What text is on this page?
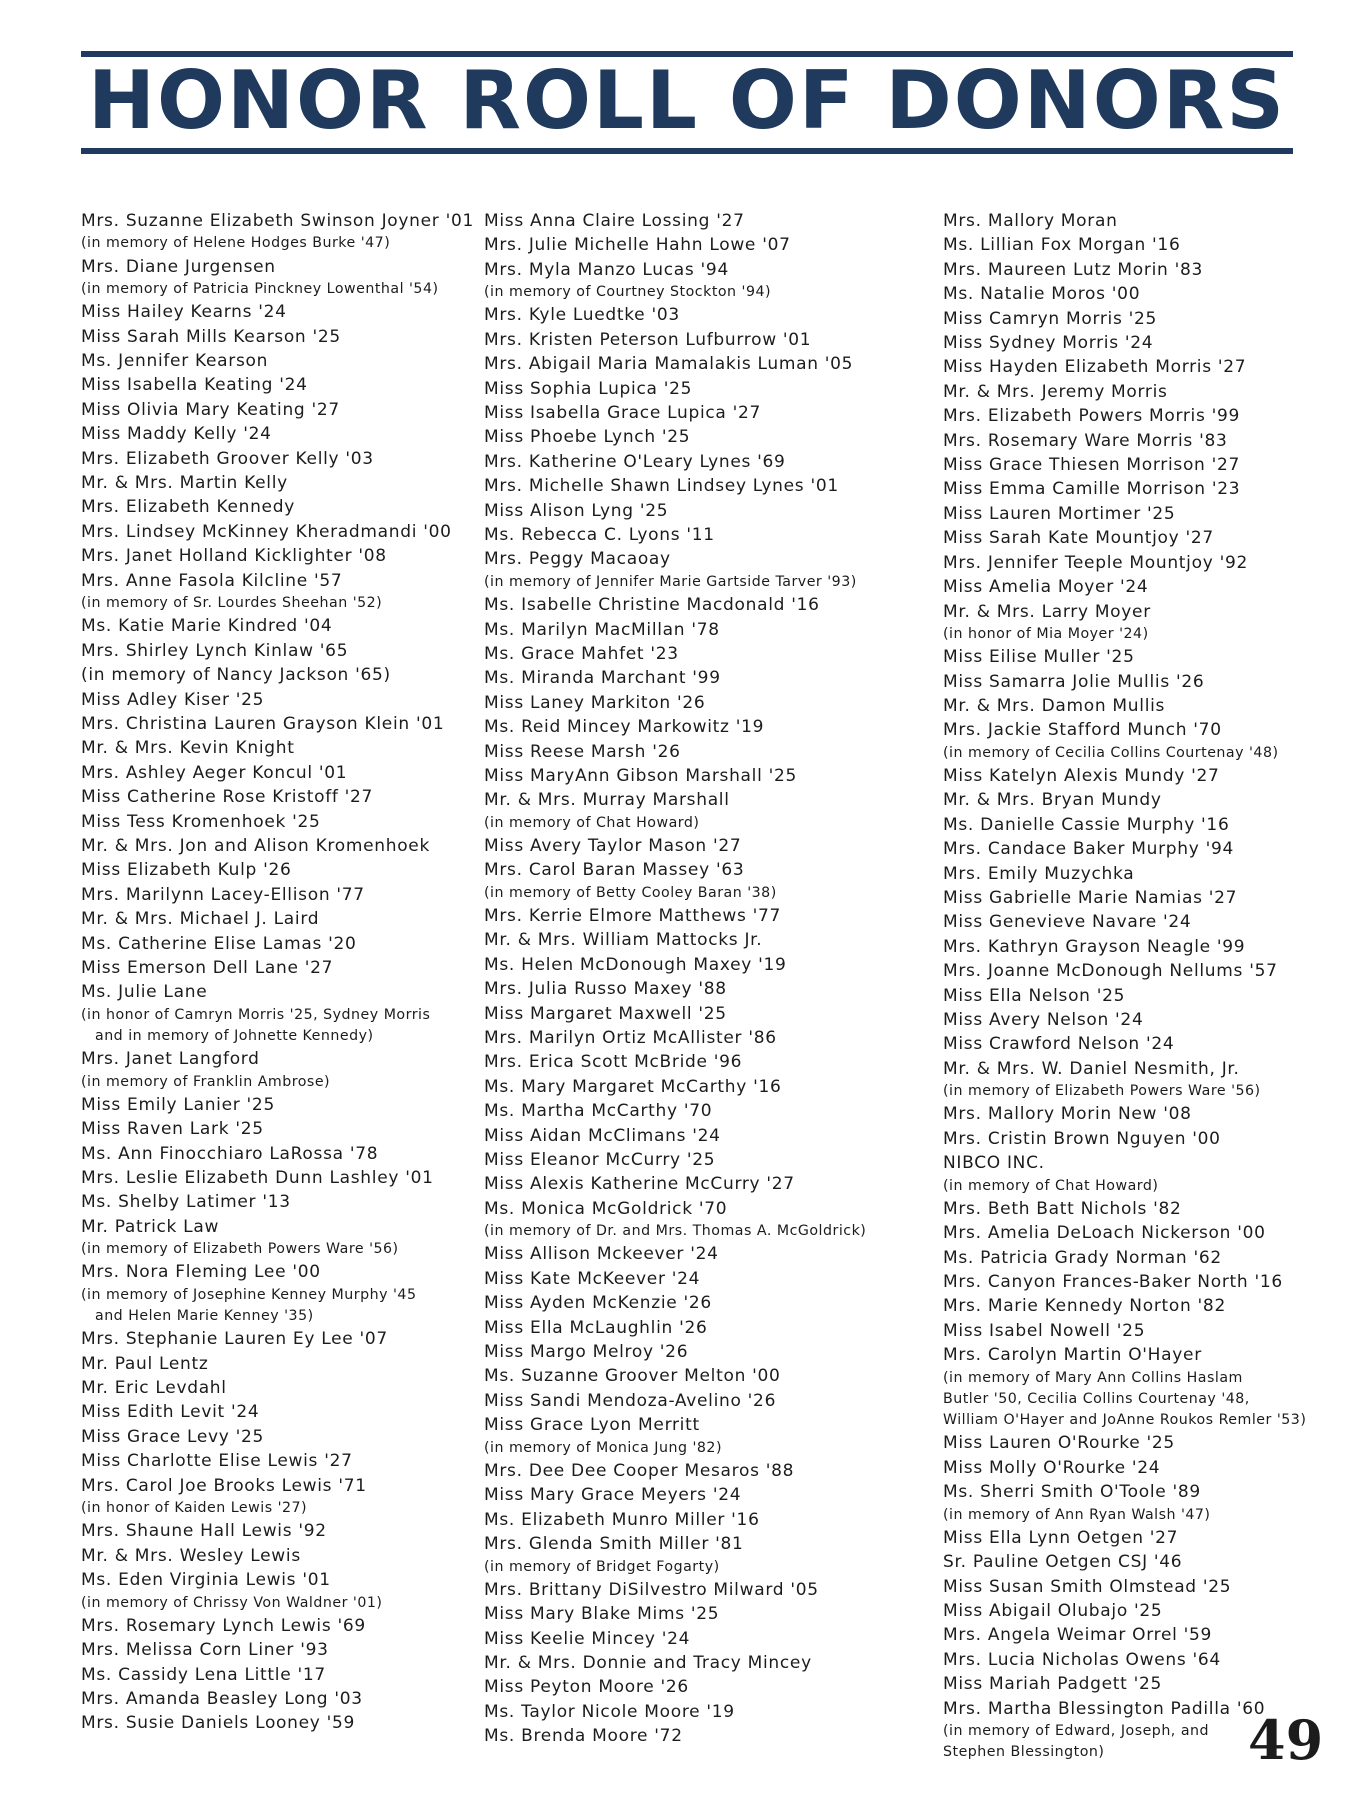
HONOR ROLL OF DONORS
Mrs. Suzanne Elizabeth Swinson Joyner '01
(in memory of Helene Hodges Burke '47)
Mrs. Diane Jurgensen
(in memory of Patricia Pinckney Lowenthal '54)
Miss Hailey Kearns '24
Miss Sarah Mills Kearson '25
Ms. Jennifer Kearson
Miss Isabella Keating '24
Miss Olivia Mary Keating '27
Miss Maddy Kelly '24
Mrs. Elizabeth Groover Kelly '03
Mr. & Mrs. Martin Kelly
Mrs. Elizabeth Kennedy
Mrs. Lindsey McKinney Kheradmandi '00
Mrs. Janet Holland Kicklighter '08
Mrs. Anne Fasola Kilcline '57
(in memory of Sr. Lourdes Sheehan '52)
Ms. Katie Marie Kindred '04
Mrs. Shirley Lynch Kinlaw '65
(in memory of Nancy Jackson '65)
Miss Adley Kiser '25
Mrs. Christina Lauren Grayson Klein '01
Mr. & Mrs. Kevin Knight
Mrs. Ashley Aeger Koncul '01
Miss Catherine Rose Kristoff '27
Miss Tess Kromenhoek '25
Mr. & Mrs. Jon and Alison Kromenhoek
Miss Elizabeth Kulp '26
Mrs. Marilynn Lacey-Ellison '77
Mr. & Mrs. Michael J. Laird
Ms. Catherine Elise Lamas '20
Miss Emerson Dell Lane '27
Ms. Julie Lane
(in honor of Camryn Morris '25, Sydney Morris
and in memory of Johnette Kennedy)
Mrs. Janet Langford
(in memory of Franklin Ambrose)
Miss Emily Lanier '25
Miss Raven Lark '25
Ms. Ann Finocchiaro LaRossa '78
Mrs. Leslie Elizabeth Dunn Lashley '01
Ms. Shelby Latimer '13
Mr. Patrick Law
(in memory of Elizabeth Powers Ware '56)
Mrs. Nora Fleming Lee '00
(in memory of Josephine Kenney Murphy '45
and Helen Marie Kenney '35)
Mrs. Stephanie Lauren Ey Lee '07
Mr. Paul Lentz
Mr. Eric Levdahl
Miss Edith Levit '24
Miss Grace Levy '25
Miss Charlotte Elise Lewis '27
Mrs. Carol Joe Brooks Lewis '71
(in honor of Kaiden Lewis '27)
Mrs. Shaune Hall Lewis '92
Mr. & Mrs. Wesley Lewis
Ms. Eden Virginia Lewis '01
(in memory of Chrissy Von Waldner '01)
Mrs. Rosemary Lynch Lewis '69
Mrs. Melissa Corn Liner '93
Ms. Cassidy Lena Little '17
Mrs. Amanda Beasley Long '03
Mrs. Susie Daniels Looney '59
Miss Anna Claire Lossing '27
Mrs. Julie Michelle Hahn Lowe '07
Mrs. Myla Manzo Lucas '94
(in memory of Courtney Stockton '94)
Mrs. Kyle Luedtke '03
Mrs. Kristen Peterson Lufburrow '01
Mrs. Abigail Maria Mamalakis Luman '05
Miss Sophia Lupica '25
Miss Isabella Grace Lupica '27
Miss Phoebe Lynch '25
Mrs. Katherine O'Leary Lynes '69
Mrs. Michelle Shawn Lindsey Lynes '01
Miss Alison Lyng '25
Ms. Rebecca C. Lyons '11
Mrs. Peggy Macaoay
(in memory of Jennifer Marie Gartside Tarver '93)
Ms. Isabelle Christine Macdonald '16
Ms. Marilyn MacMillan '78
Ms. Grace Mahfet '23
Ms. Miranda Marchant '99
Miss Laney Markiton '26
Ms. Reid Mincey Markowitz '19
Miss Reese Marsh '26
Miss MaryAnn Gibson Marshall '25
Mr. & Mrs. Murray Marshall
(in memory of Chat Howard)
Miss Avery Taylor Mason '27
Mrs. Carol Baran Massey '63
(in memory of Betty Cooley Baran '38)
Mrs. Kerrie Elmore Matthews '77
Mr. & Mrs. William Mattocks Jr.
Ms. Helen McDonough Maxey '19
Mrs. Julia Russo Maxey '88
Miss Margaret Maxwell '25
Mrs. Marilyn Ortiz McAllister '86
Mrs. Erica Scott McBride '96
Ms. Mary Margaret McCarthy '16
Ms. Martha McCarthy '70
Miss Aidan McClimans '24
Miss Eleanor McCurry '25
Miss Alexis Katherine McCurry '27
Ms. Monica McGoldrick '70
(in memory of Dr. and Mrs. Thomas A. McGoldrick)
Miss Allison Mckeever '24
Miss Kate McKeever '24
Miss Ayden McKenzie '26
Miss Ella McLaughlin '26
Miss Margo Melroy '26
Ms. Suzanne Groover Melton '00
Miss Sandi Mendoza-Avelino '26
Miss Grace Lyon Merritt
(in memory of Monica Jung '82)
Mrs. Dee Dee Cooper Mesaros '88
Miss Mary Grace Meyers '24
Ms. Elizabeth Munro Miller '16
Mrs. Glenda Smith Miller '81
(in memory of Bridget Fogarty)
Mrs. Brittany DiSilvestro Milward '05
Miss Mary Blake Mims '25
Miss Keelie Mincey '24
Mr. & Mrs. Donnie and Tracy Mincey
Miss Peyton Moore '26
Ms. Taylor Nicole Moore '19
Ms. Brenda Moore '72
Mrs. Mallory Moran
Ms. Lillian Fox Morgan '16
Mrs. Maureen Lutz Morin '83
Ms. Natalie Moros '00
Miss Camryn Morris '25
Miss Sydney Morris '24
Miss Hayden Elizabeth Morris '27
Mr. & Mrs. Jeremy Morris
Mrs. Elizabeth Powers Morris '99
Mrs. Rosemary Ware Morris '83
Miss Grace Thiesen Morrison '27
Miss Emma Camille Morrison '23
Miss Lauren Mortimer '25
Miss Sarah Kate Mountjoy '27
Mrs. Jennifer Teeple Mountjoy '92
Miss Amelia Moyer '24
Mr. & Mrs. Larry Moyer
(in honor of Mia Moyer '24)
Miss Eilise Muller '25
Miss Samarra Jolie Mullis '26
Mr. & Mrs. Damon Mullis
Mrs. Jackie Stafford Munch '70
(in memory of Cecilia Collins Courtenay '48)
Miss Katelyn Alexis Mundy '27
Mr. & Mrs. Bryan Mundy
Ms. Danielle Cassie Murphy '16
Mrs. Candace Baker Murphy '94
Mrs. Emily Muzychka
Miss Gabrielle Marie Namias '27
Miss Genevieve Navare '24
Mrs. Kathryn Grayson Neagle '99
Mrs. Joanne McDonough Nellums '57
Miss Ella Nelson '25
Miss Avery Nelson '24
Miss Crawford Nelson '24
Mr. & Mrs. W. Daniel Nesmith, Jr.
(in memory of Elizabeth Powers Ware '56)
Mrs. Mallory Morin New '08
Mrs. Cristin Brown Nguyen '00
NIBCO INC.
(in memory of Chat Howard)
Mrs. Beth Batt Nichols '82
Mrs. Amelia DeLoach Nickerson '00
Ms. Patricia Grady Norman '62
Mrs. Canyon Frances-Baker North '16
Mrs. Marie Kennedy Norton '82
Miss Isabel Nowell '25
Mrs. Carolyn Martin O'Hayer
(in memory of Mary Ann Collins Haslam
Butler '50, Cecilia Collins Courtenay '48,
William O'Hayer and JoAnne Roukos Remler '53)
Miss Lauren O'Rourke '25
Miss Molly O'Rourke '24
Ms. Sherri Smith O'Toole '89
(in memory of Ann Ryan Walsh '47)
Miss Ella Lynn Oetgen '27
Sr. Pauline Oetgen CSJ '46
Miss Susan Smith Olmstead '25
Miss Abigail Olubajo '25
Mrs. Angela Weimar Orrel '59
Mrs. Lucia Nicholas Owens '64
Miss Mariah Padgett '25
Mrs. Martha Blessington Padilla '60
(in memory of Edward, Joseph, and
Stephen Blessington)	49
